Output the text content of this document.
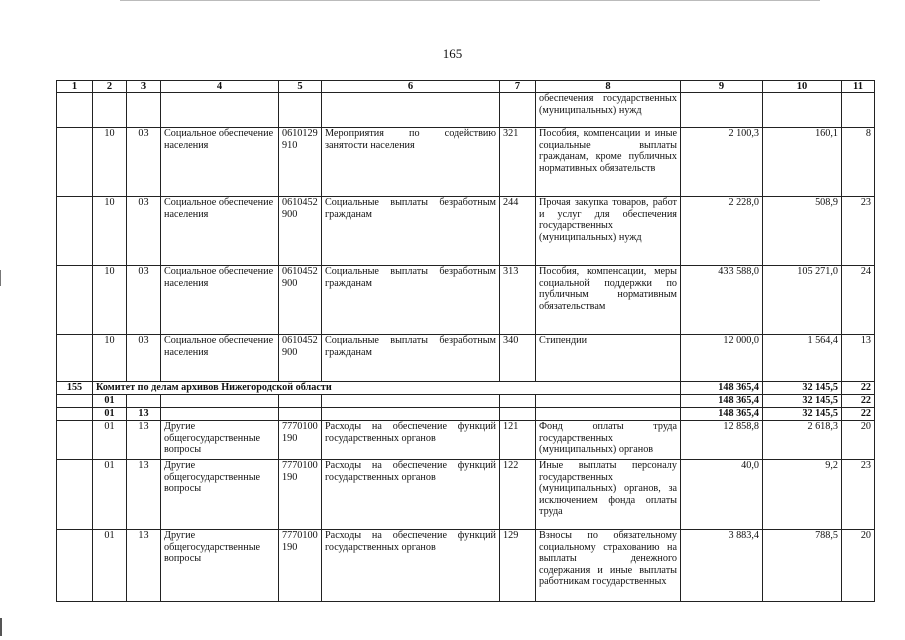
165
1	2	3	4	5	6	7	8	9	10	11
							обеспечения государственных (муниципальных) нужд			
	10	03	Социальное обеспечение населения	0610129910	Мероприятия по содействию занятости населения	321	Пособия, компенсации и иные социальные выплаты гражданам, кроме публичных нормативных обязательств	2 100,3	160,1	8
	10	03	Социальное обеспечение населения	0610452900	Социальные выплаты безработным гражданам	244	Прочая закупка товаров, работ и услуг для обеспечения государственных (муниципальных) нужд	2 228,0	508,9	23
	10	03	Социальное обеспечение населения	0610452900	Социальные выплаты безработным гражданам	313	Пособия, компенсации, меры социальной поддержки по публичным нормативным обязательствам	433 588,0	105 271,0	24
	10	03	Социальное обеспечение населения	0610452900	Социальные выплаты безработным гражданам	340	Стипендии	12 000,0	1 564,4	13
155	Комитет по делам архивов Нижегородской области							148 365,4	32 145,5	22
	01							148 365,4	32 145,5	22
	01	13						148 365,4	32 145,5	22
	01	13	Другие общегосударственные вопросы	7770100190	Расходы на обеспечение функций государственных органов	121	Фонд оплаты труда государственных (муниципальных) органов	12 858,8	2 618,3	20
	01	13	Другие общегосударственные вопросы	7770100190	Расходы на обеспечение функций государственных органов	122	Иные выплаты персоналу государственных (муниципальных) органов, за исключением фонда оплаты труда	40,0	9,2	23
	01	13	Другие общегосударственные вопросы	7770100190	Расходы на обеспечение функций государственных органов	129	Взносы по обязательному социальному страхованию на выплаты денежного содержания и иные выплаты работникам государственных	3 883,4	788,5	20
